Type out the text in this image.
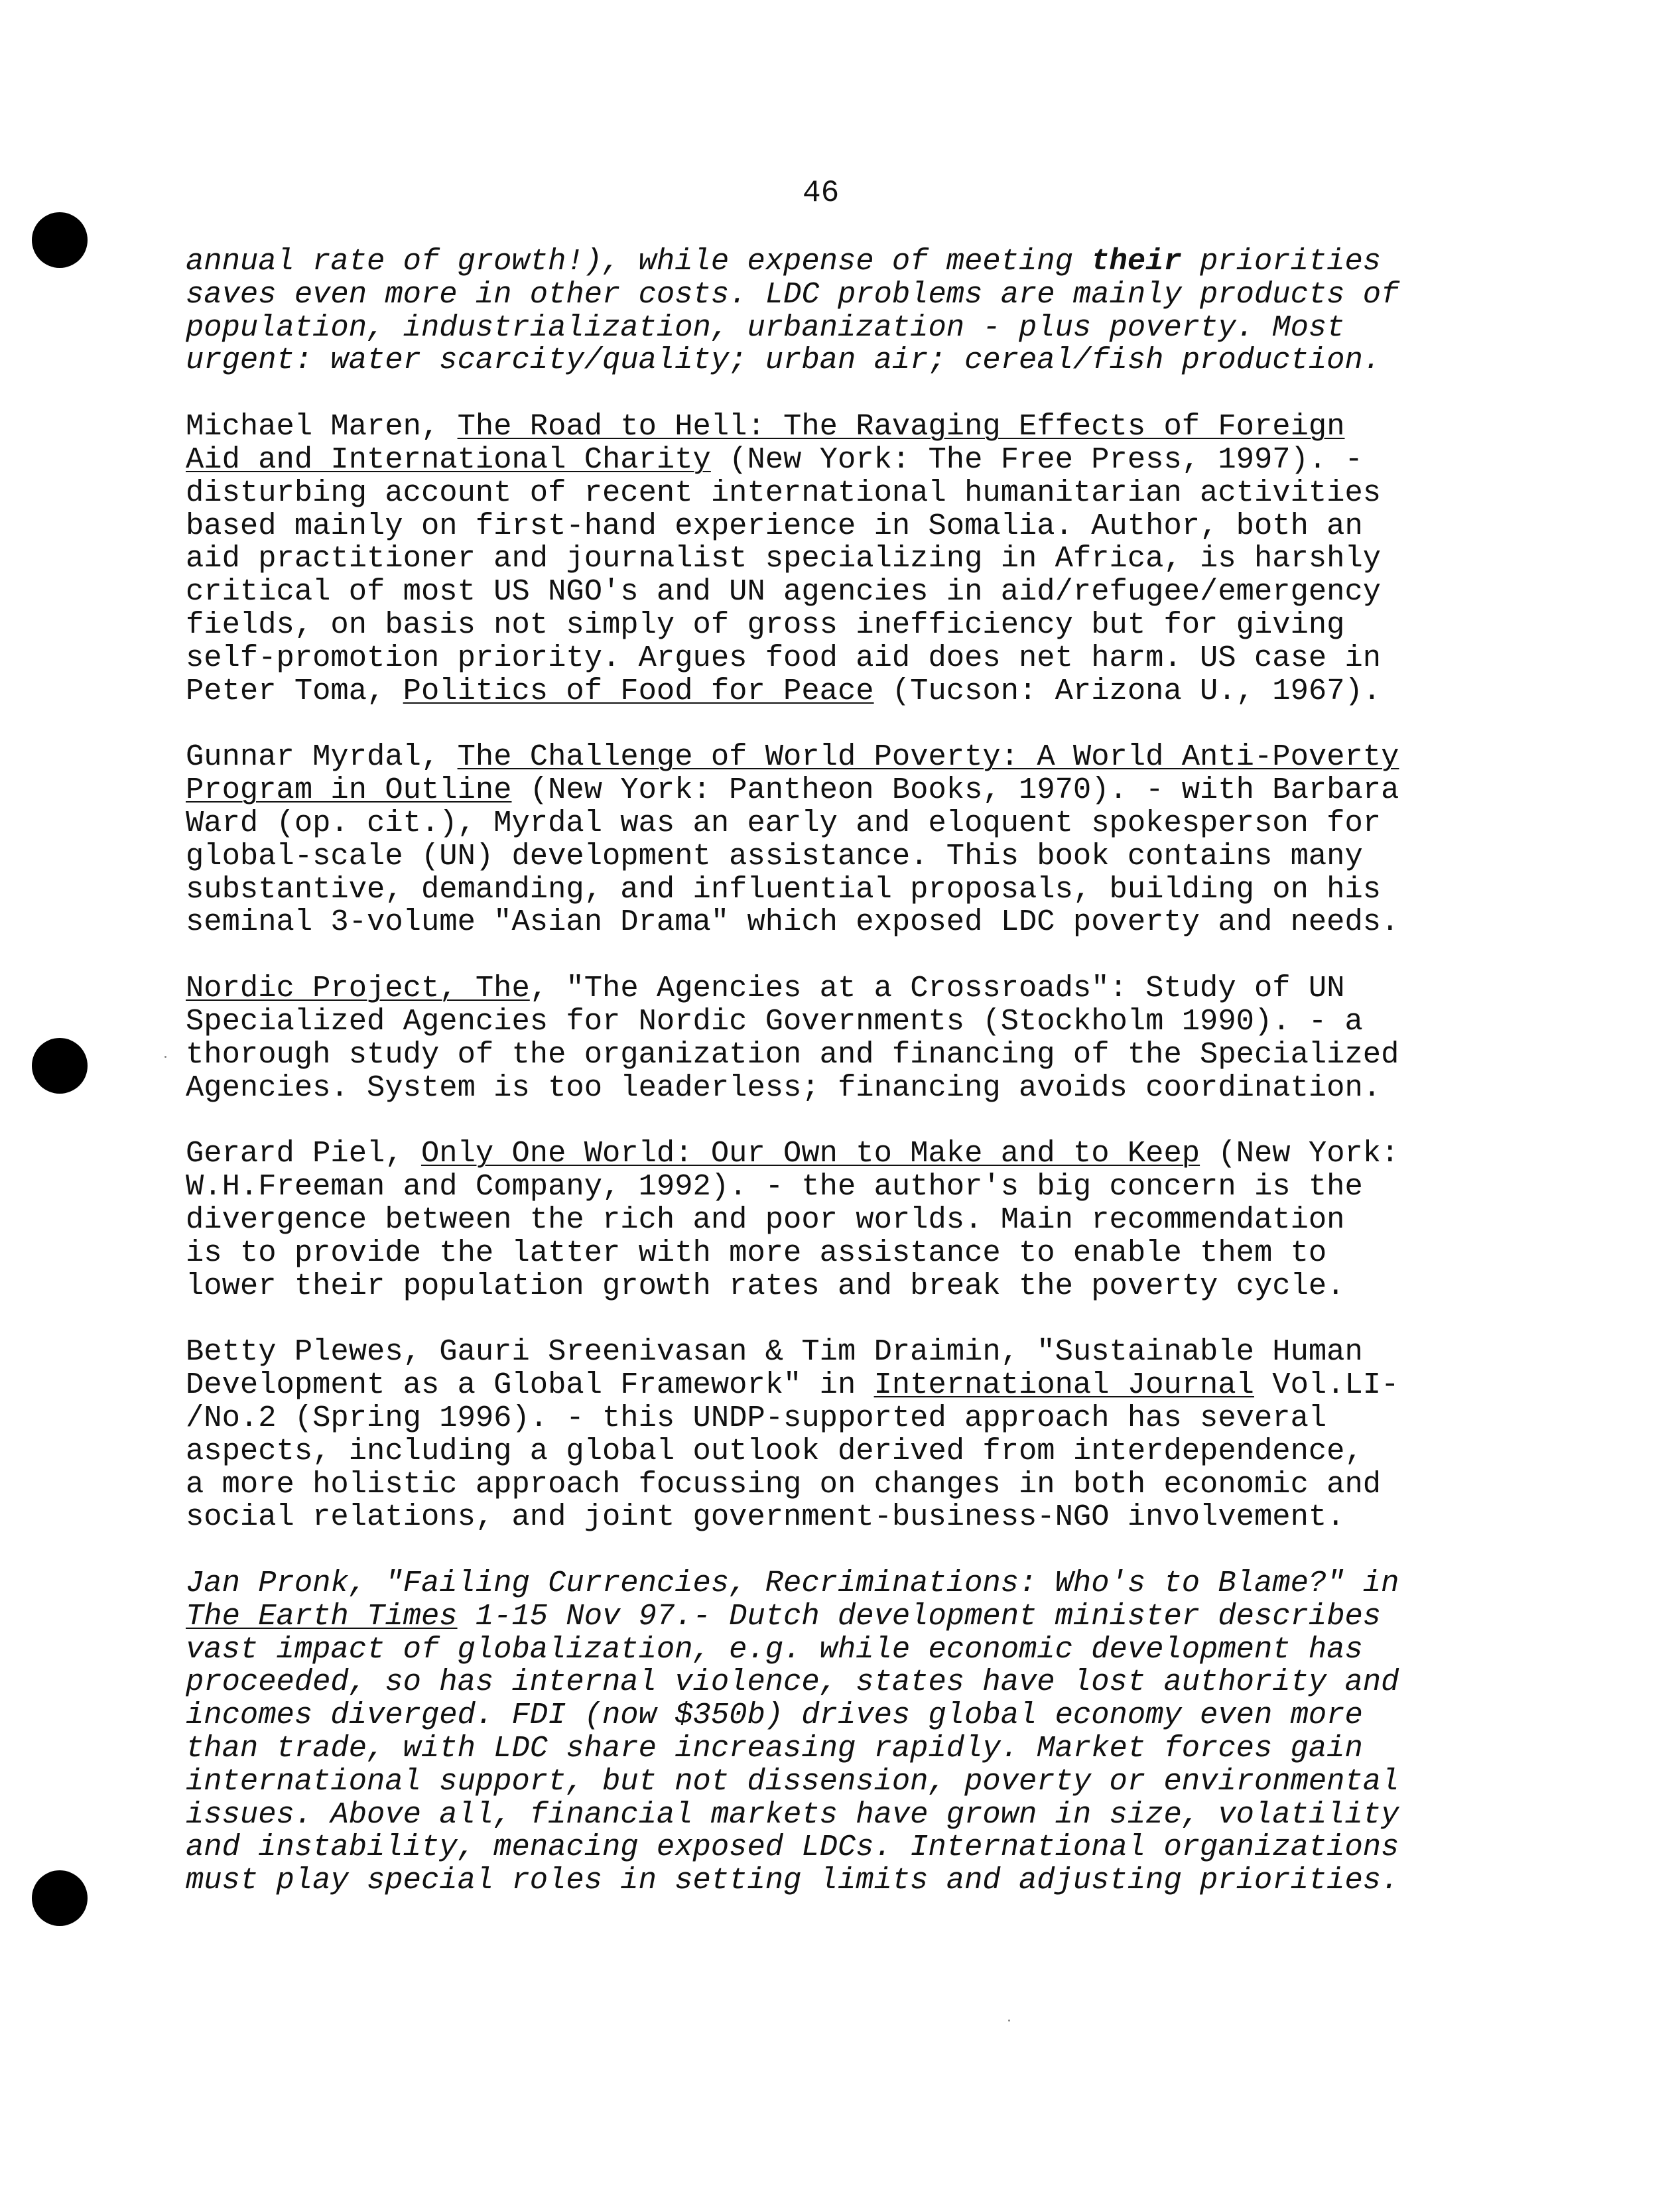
46
annual rate of growth!), while expense of meeting their priorities
saves even more in other costs. LDC problems are mainly products of
population, industrialization, urbanization - plus poverty. Most
urgent: water scarcity/quality; urban air; cereal/fish production.
Michael Maren, The Road to Hell: The Ravaging Effects of Foreign
Aid and International Charity (New York: The Free Press, 1997). -
disturbing account of recent international humanitarian activities
based mainly on first-hand experience in Somalia. Author, both an
aid practitioner and journalist specializing in Africa, is harshly
critical of most US NGO's and UN agencies in aid/refugee/emergency
fields, on basis not simply of gross inefficiency but for giving
self-promotion priority. Argues food aid does net harm. US case in
Peter Toma, Politics of Food for Peace (Tucson: Arizona U., 1967).
Gunnar Myrdal, The Challenge of World Poverty: A World Anti-Poverty
Program in Outline (New York: Pantheon Books, 1970). - with Barbara
Ward (op. cit.), Myrdal was an early and eloquent spokesperson for
global-scale (UN) development assistance. This book contains many
substantive, demanding, and influential proposals, building on his
seminal 3-volume "Asian Drama" which exposed LDC poverty and needs.
Nordic Project, The, "The Agencies at a Crossroads": Study of UN
Specialized Agencies for Nordic Governments (Stockholm 1990). - a
thorough study of the organization and financing of the Specialized
Agencies. System is too leaderless; financing avoids coordination.
Gerard Piel, Only One World: Our Own to Make and to Keep (New York:
W.H.Freeman and Company, 1992). - the author's big concern is the
divergence between the rich and poor worlds. Main recommendation
is to provide the latter with more assistance to enable them to
lower their population growth rates and break the poverty cycle.
Betty Plewes, Gauri Sreenivasan & Tim Draimin, "Sustainable Human
Development as a Global Framework" in International Journal Vol.LI-
/No.2 (Spring 1996). - this UNDP-supported approach has several
aspects, including a global outlook derived from interdependence,
a more holistic approach focussing on changes in both economic and
social relations, and joint government-business-NGO involvement.
Jan Pronk, "Failing Currencies, Recriminations: Who's to Blame?" in
The Earth Times 1-15 Nov 97.- Dutch development minister describes
vast impact of globalization, e.g. while economic development has
proceeded, so has internal violence, states have lost authority and
incomes diverged. FDI (now $350b) drives global economy even more
than trade, with LDC share increasing rapidly. Market forces gain
international support, but not dissension, poverty or environmental
issues. Above all, financial markets have grown in size, volatility
and instability, menacing exposed LDCs. International organizations
must play special roles in setting limits and adjusting priorities.
